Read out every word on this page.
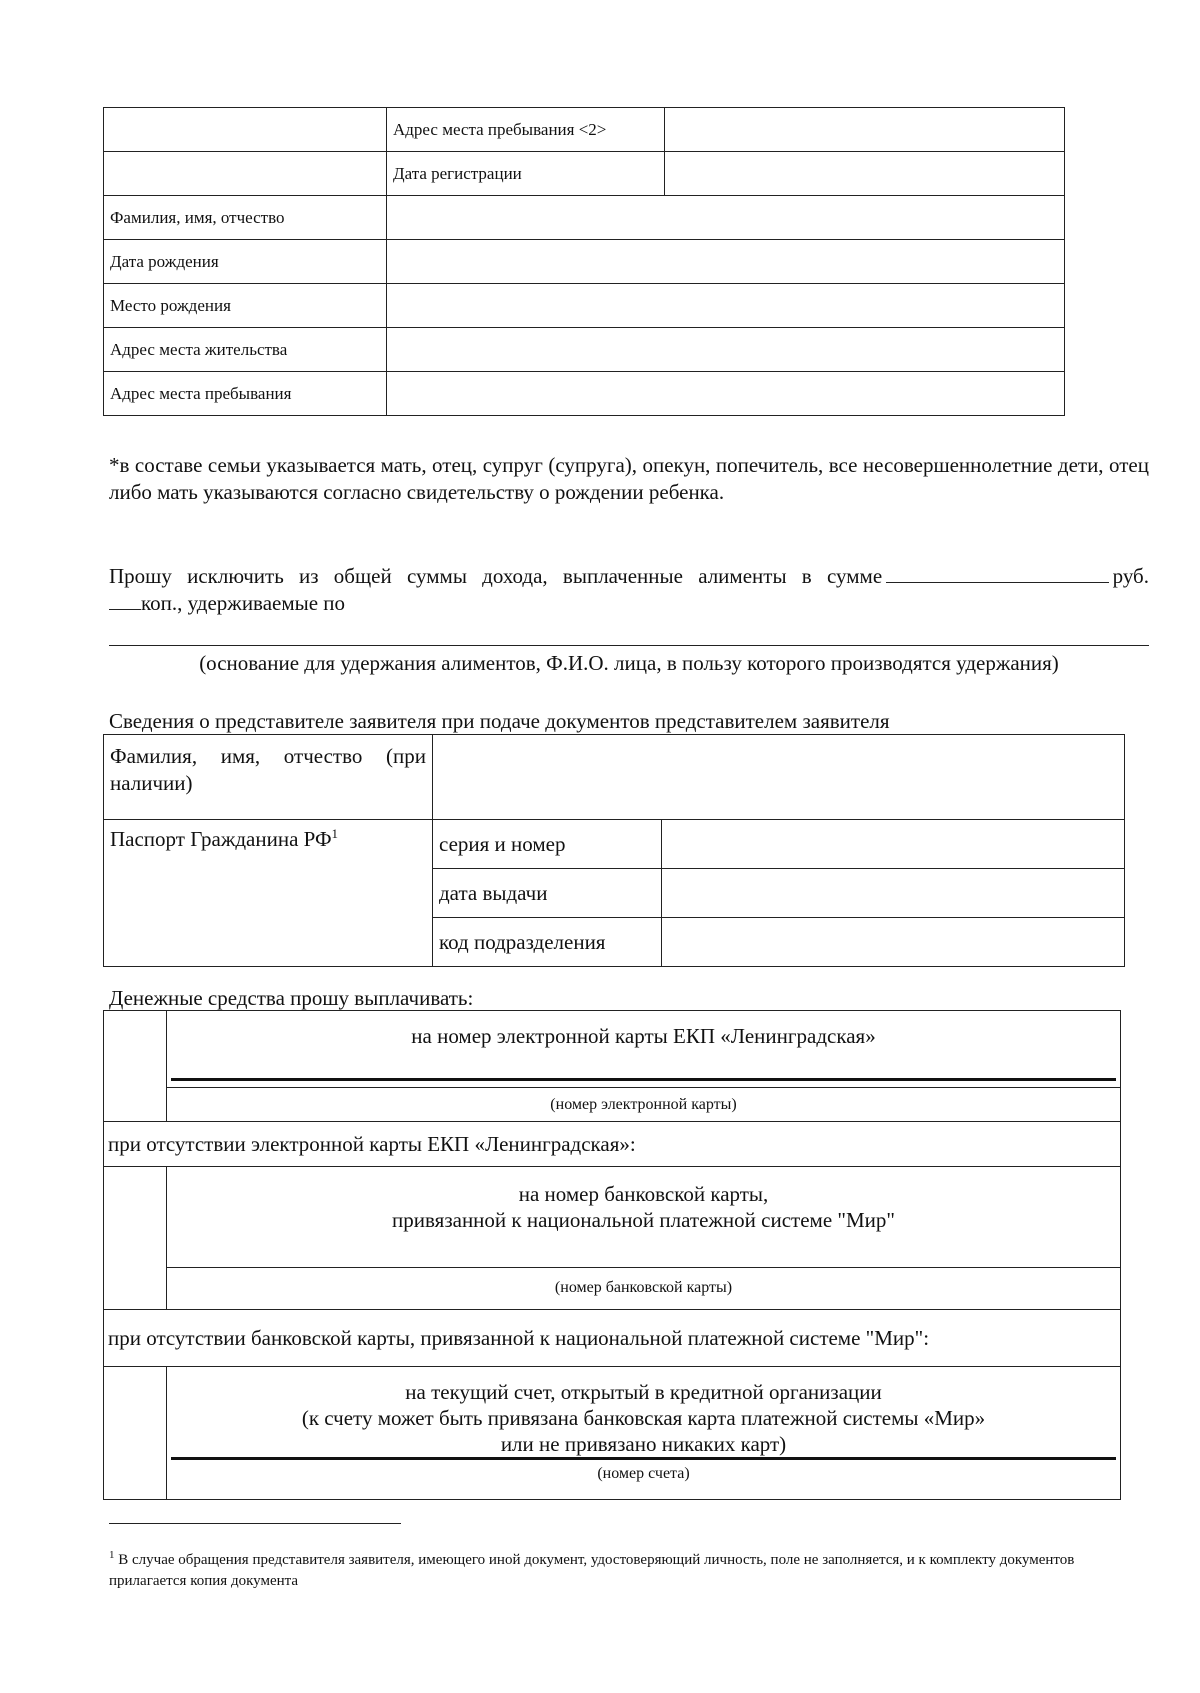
	Адрес места пребывания <2>	
	Дата регистрации	
Фамилия, имя, отчество	
Дата рождения	
Место рождения	
Адрес места жительства	
Адрес места пребывания	
*в составе семьи указывается мать, отец, супруг (супруга), опекун, попечитель, все несовершеннолетние дети, отец либо мать указываются согласно свидетельству о рождении ребенка.
Прошу исключить из общей суммы дохода, выплаченные алименты в сумме	руб.
коп., удерживаемые по
(основание для удержания алиментов, Ф.И.О. лица, в пользу которого производятся удержания)
Сведения о представителе заявителя при подаче документов представителем заявителя
Фамилия, имя, отчество (при наличии)	
Паспорт Гражданина $РФ^1$	серия и номер	
	дата выдачи	
	код подразделения	
Денежные средства прошу выплачивать:
на номер электронной карты ЕКП «Ленинградская»
(номер электронной карты)
при отсутствии электронной карты ЕКП «Ленинградская»:
на номер банковской карты,
привязанной к национальной платежной системе "Мир"
(номер банковской карты)
при отсутствии банковской карты, привязанной к национальной платежной системе "Мир":
на текущий счет, открытый в кредитной организации
(к счету может быть привязана банковская карта платежной системы «Мир»
или не привязано никаких карт)
(номер счета)
$^1$ В случае обращения представителя заявителя, имеющего иной документ, удостоверяющий личность, поле не заполняется, и к комплекту документов прилагается копия документа
